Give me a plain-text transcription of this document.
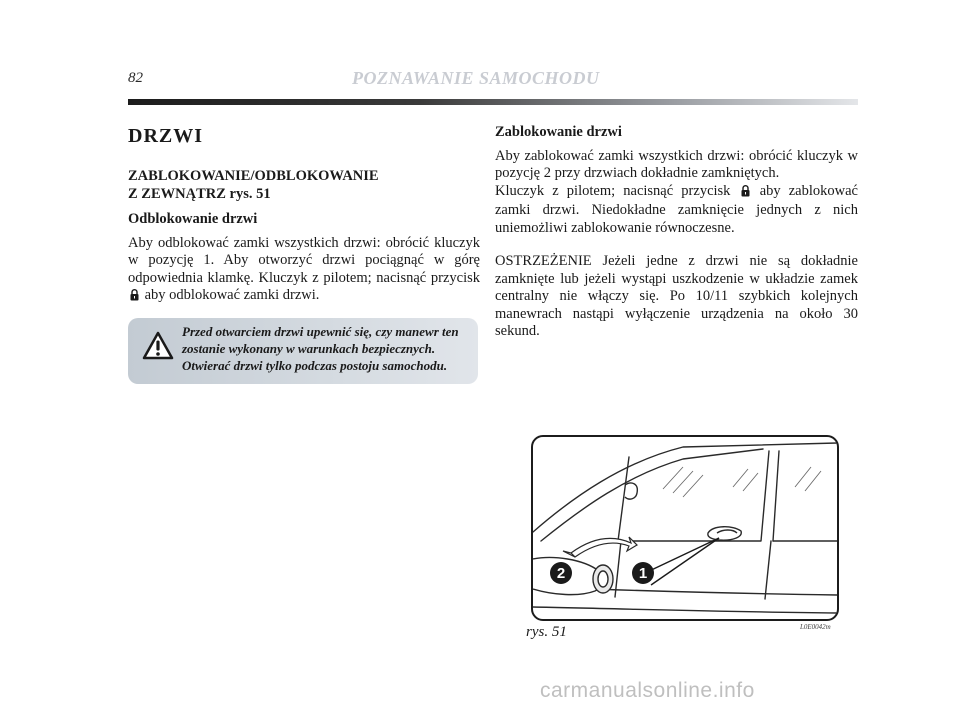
82	POZNAWANIE SAMOCHODU
DRZWI
ZABLOKOWANIE/ODBLOKOWANIE
Z ZEWNĄTRZ rys. 51
Odblokowanie drzwi

Aby odblokować zamki wszystkich drzwi: obrócić kluczyk w pozycję 1. Aby otworzyć drzwi pociągnąć w górę odpowiednia klamkę. Kluczyk z pilotem; nacisnąć przycisk  aby odblokować zamki drzwi.

Przed otwarciem drzwi upewnić się, czy manewr ten zostanie wykonany w warunkach bezpiecznych. Otwierać drzwi tylko podczas postoju samochodu.
Zablokowanie drzwi

Aby zablokować zamki wszystkich drzwi: obrócić kluczyk w pozycję 2 przy drzwiach dokładnie zamkniętych.

Kluczyk z pilotem; nacisnąć przycisk aby zablokować zamki drzwi. Niedokładne zamknięcie jednych z nich uniemożliwi zablokowanie równoczesne.

OSTRZEŻENIE Jeżeli jedne z drzwi nie są dokładnie zamknięte lub jeżeli wystąpi uszkodzenie w układzie zamek centralny nie włączy się. Po 10/11 szybkich kolejnych manewrach nastąpi wyłączenie urządzenia na około 30 sekund.

1
2
rys. 51	L0E0042m
carmanualsonline.info
